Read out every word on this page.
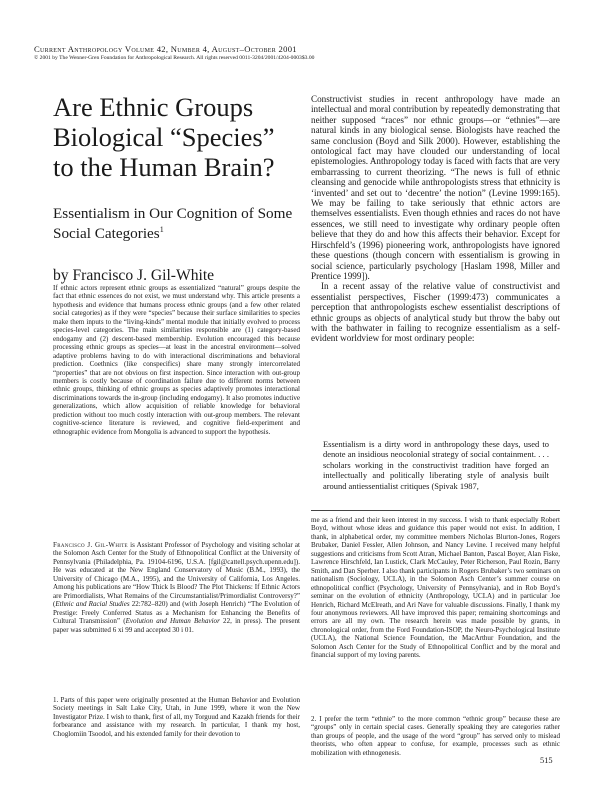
Current Anthropology Volume 42, Number 4, August–October 2001
© 2001 by The Wenner-Gren Foundation for Anthropological Research. All rights reserved 0011-3204/2001/4204-0003$3.00
Are Ethnic Groups Biological “Species” to the Human Brain?
Essentialism in Our Cognition of Some Social Categories$^1$
by Francisco J. Gil-White

If ethnic actors represent ethnic groups as essentialized “natural” groups despite the fact that ethnic essences do not exist, we must understand why. This article presents a hypothesis and evidence that humans process ethnic groups (and a few other related social categories) as if they were “species” because their surface similarities to species make them inputs to the “living-kinds” mental module that initially evolved to process species-level categories. The main similarities responsible are (1) category-based endogamy and (2) descent-based membership. Evolution encouraged this because processing ethnic groups as species—at least in the ancestral environment—solved adaptive problems having to do with interactional discriminations and behavioral prediction. Coethnics (like conspecifics) share many strongly intercorrelated “properties” that are not obvious on first inspection. Since interaction with out-group members is costly because of coordination failure due to different norms between ethnic groups, thinking of ethnic groups as species adaptively promotes interactional discriminations towards the in-group (including endogamy). It also promotes inductive generalizations, which allow acquisition of reliable knowledge for behavioral prediction without too much costly interaction with out-group members. The relevant cognitive-science literature is reviewed, and cognitive field-experiment and ethnographic evidence from Mongolia is advanced to support the hypothesis.

Francisco J. Gil-White is Assistant Professor of Psychology and visiting scholar at the Solomon Asch Center for the Study of Ethnopolitical Conflict at the University of Pennsylvania (Philadelphia, Pa. 19104-6196, U.S.A. [fgil@cattell.psych.upenn.edu]). He was educated at the New England Conservatory of Music (B.M., 1993), the University of Chicago (M.A., 1995), and the University of California, Los Angeles. Among his publications are “How Thick Is Blood? The Plot Thickens: If Ethnic Actors are Primordialists, What Remains of the Circumstantialist/Primordialist Controversy?” (Ethnic and Racial Studies 22:782–820) and (with Joseph Henrich) “The Evolution of Prestige: Freely Conferred Status as a Mechanism for Enhancing the Benefits of Cultural Transmission” (Evolution and Human Behavior 22, in press). The present paper was submitted 6 xi 99 and accepted 30 i 01.

1. Parts of this paper were originally presented at the Human Behavior and Evolution Society meetings in Salt Lake City, Utah, in June 1999, where it won the New Investigator Prize. I wish to thank, first of all, my Torguud and Kazakh friends for their forbearance and assistance with my research. In particular, I thank my host, Choglomiin Tsoodol, and his extended family for their devotion to

Constructivist studies in recent anthropology have made an intellectual and moral contribution by repeatedly demonstrating that neither supposed “races” nor ethnic groups—or “ethnies”—are natural kinds in any biological sense. Biologists have reached the same conclusion (Boyd and Silk 2000). However, establishing the ontological fact may have clouded our understanding of local epistemologies. Anthropology today is faced with facts that are very embarrassing to current theorizing. “The news is full of ethnic cleansing and genocide while anthropologists stress that ethnicity is ‘invented’ and set out to ‘decentre’ the notion” (Levine 1999:165). We may be failing to take seriously that ethnic actors are themselves essentialists. Even though ethnies and races do not have essences, we still need to investigate why ordinary people often believe that they do and how this affects their behavior. Except for Hirschfeld’s (1996) pioneering work, anthropologists have ignored these questions (though concern with essentialism is growing in social science, particularly psychology [Haslam 1998, Miller and Prentice 1999]).

In a recent assay of the relative value of constructivist and essentialist perspectives, Fischer (1999:473) communicates a perception that anthropologists eschew essentialist descriptions of ethnic groups as objects of analytical study but throw the baby out with the bathwater in failing to recognize essentialism as a self-evident worldview for most ordinary people:

Essentialism is a dirty word in anthropology these days, used to denote an insidious neocolonial strategy of social containment. . . . scholars working in the constructivist tradition have forged an intellectually and politically liberating style of analysis built around antiessentialist critiques (Spivak 1987,

me as a friend and their keen interest in my success. I wish to thank especially Robert Boyd, without whose ideas and guidance this paper would not exist. In addition, I thank, in alphabetical order, my committee members Nicholas Blurton-Jones, Rogers Brubaker, Daniel Fessler, Allen Johnson, and Nancy Levine. I received many helpful suggestions and criticisms from Scott Atran, Michael Banton, Pascal Boyer, Alan Fiske, Lawrence Hirschfeld, Ian Lustick, Clark McCauley, Peter Richerson, Paul Rozin, Barry Smith, and Dan Sperber. I also thank participants in Rogers Brubaker’s two seminars on nationalism (Sociology, UCLA), in the Solomon Asch Center’s summer course on ethnopolitical conflict (Psychology, University of Pennsylvania), and in Rob Boyd’s seminar on the evolution of ethnicity (Anthropology, UCLA) and in particular Joe Henrich, Richard McElreath, and Ari Nave for valuable discussions. Finally, I thank my four anonymous reviewers. All have improved this paper; remaining shortcomings and errors are all my own. The research herein was made possible by grants, in chronological order, from the Ford Foundation-ISOP, the Neuro-Psychological Institute (UCLA), the National Science Foundation, the MacArthur Foundation, and the Solomon Asch Center for the Study of Ethnopolitical Conflict and by the moral and financial support of my loving parents.

2. I prefer the term “ethnie” to the more common “ethnic group” because these are “groups” only in certain special cases. Generally speaking they are categories rather than groups of people, and the usage of the word “group” has served only to mislead theorists, who often appear to confuse, for example, processes such as ethnic mobilization with ethnogenesis.

515
